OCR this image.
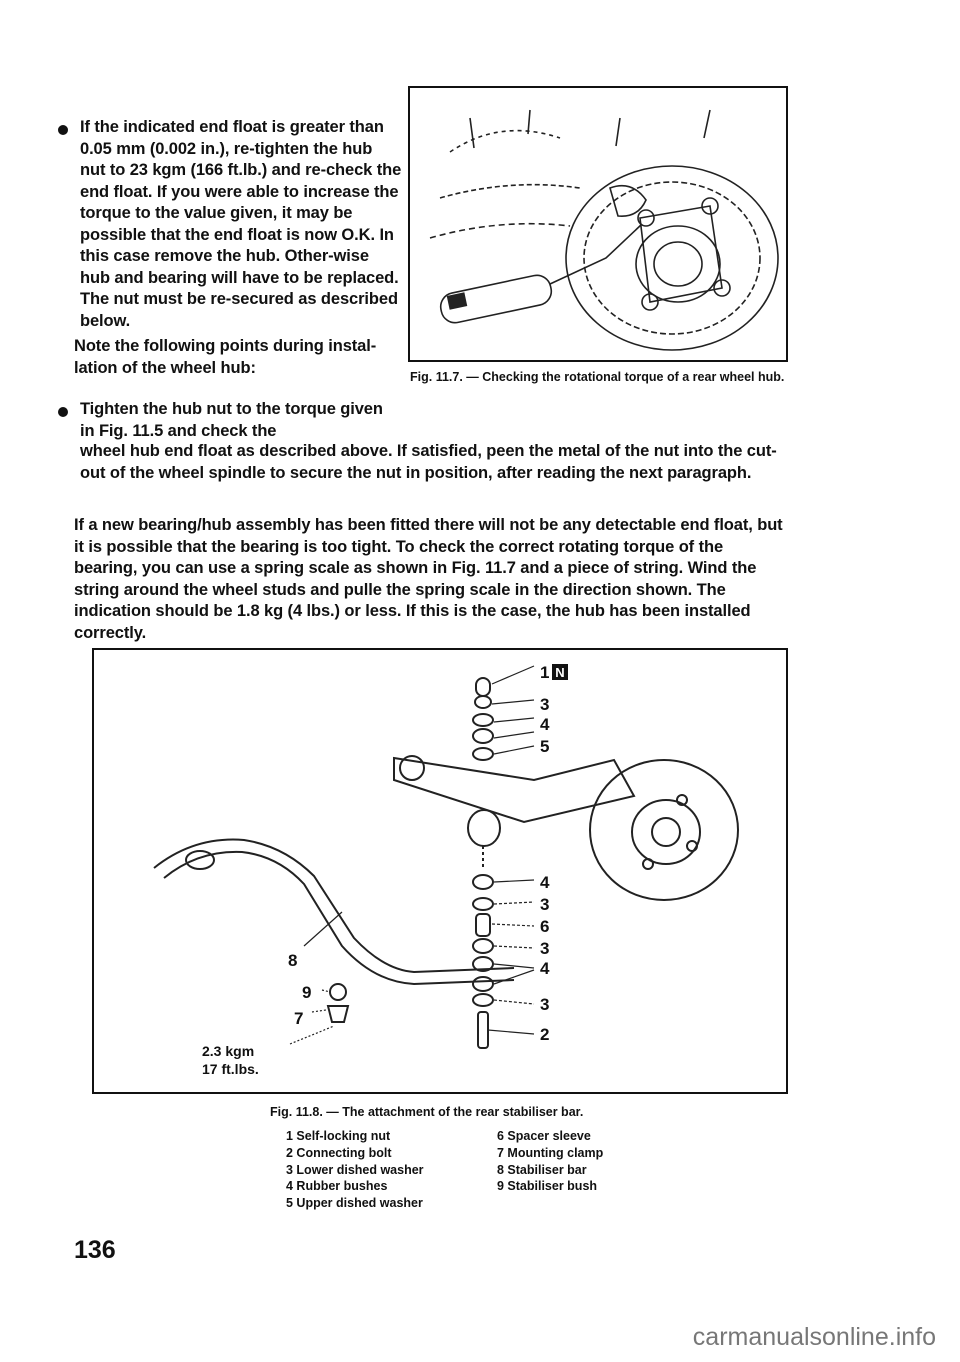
If the indicated end float is greater than 0.05 mm (0.002 in.), re-tighten the hub nut to 23 kgm (166 ft.lb.) and re-check the end float. If you were able to increase the torque to the value given, it may be possible that the end float is now O.K. In this case remove the hub. Other-wise hub and bearing will have to be replaced. The nut must be re-secured as described below.
Note the following points during instal-lation of the wheel hub:
Tighten the hub nut to the torque given in Fig. 11.5 and check the
wheel hub end float as described above. If satisfied, peen the metal of the nut into the cut-out of the wheel spindle to secure the nut in position, after reading the next paragraph.
If a new bearing/hub assembly has been fitted there will not be any detectable end float, but it is possible that the bearing is too tight. To check the correct rotating torque of the bearing, you can use a spring scale as shown in Fig. 11.7 and a piece of string. Wind the string around the wheel studs and pulle the spring scale in the direction shown. The indication should be 1.8 kg (4 lbs.) or less. If this is the case, the hub has been installed correctly.
Fig. 11.7. — Checking the rotational torque of a rear wheel hub.
1 N
3
4
5
4
3
6
3
4
3
2
8
9
7
2.3 kgm
17 ft.lbs.
Fig. 11.8. — The attachment of the rear stabiliser bar.
1 Self-locking nut
2 Connecting bolt
3 Lower dished washer
4 Rubber bushes
5 Upper dished washer
6 Spacer sleeve
7 Mounting clamp
8 Stabiliser bar
9 Stabiliser bush
136
carmanualsonline.info
